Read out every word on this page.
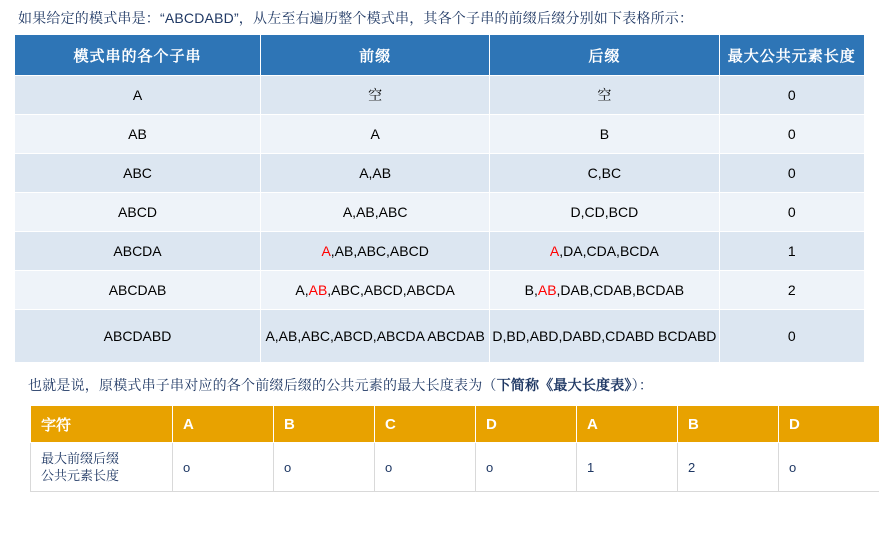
如果给定的模式串是：“ABCDABD”，从左至右遍历整个模式串，其各个子串的前缀后缀分别如下表格所示：
模式串的各个子串	前缀	后缀	最大公共元素长度
A	空	空	0
AB	A	B	0
ABC	A,AB	C,BC	0
ABCD	A,AB,ABC	D,CD,BCD	0
ABCDA	A,AB,ABC,ABCD	A,DA,CDA,BCDA	1
ABCDAB	A,AB,ABC,ABCD,ABCDA	B,AB,DAB,CDAB,BCDAB	2
ABCDABD	A,AB,ABC,ABCD,ABCDA ABCDAB	D,BD,ABD,DABD,CDABD BCDABD	0
也就是说，原模式串子串对应的各个前缀后缀的公共元素的最大长度表为（下简称《最大长度表》）：
字符	A	B	C	D	A	B	D
最大前缀后缀
公共元素长度	o	o	o	o	1	2	o
